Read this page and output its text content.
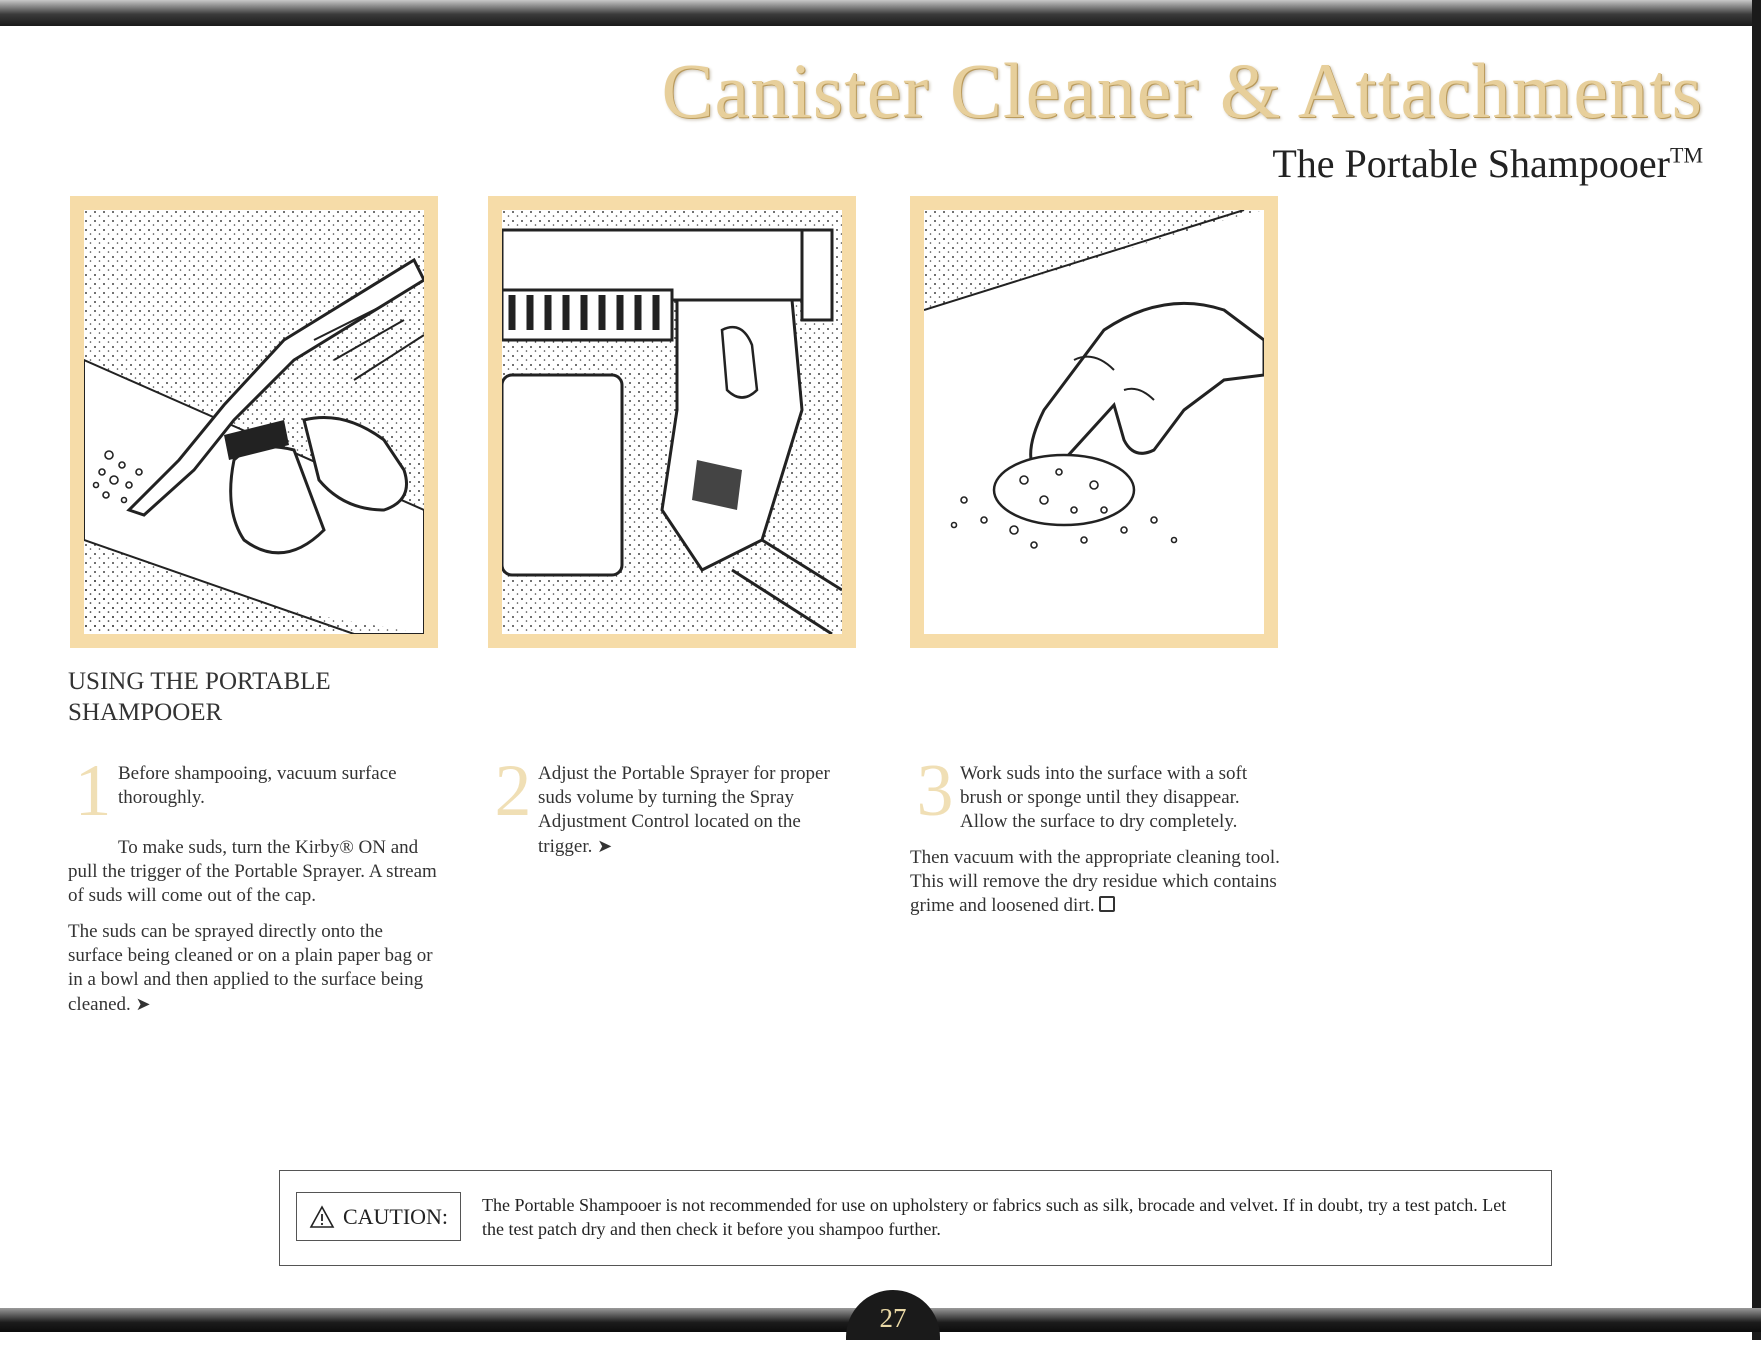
Canister Cleaner & Attachments
The Portable Shampooer™
USING THE PORTABLE SHAMPOOER
1 Before shampooing, vacuum surface thoroughly.

To make suds, turn the Kirby® ON and pull the trigger of the Portable Sprayer. A stream of suds will come out of the cap.

The suds can be sprayed directly onto the surface being cleaned or on a plain paper bag or in a bowl and then applied to the surface being cleaned. ➤

2 Adjust the Portable Sprayer for proper suds volume by turning the Spray Adjustment Control located on the trigger. ➤

3 Work suds into the surface with a soft brush or sponge until they disappear. Allow the surface to dry completely.

Then vacuum with the appropriate cleaning tool. This will remove the dry residue which contains grime and loosened dirt.

CAUTION: The Portable Shampooer is not recommended for use on upholstery or fabrics such as silk, brocade and velvet. If in doubt, try a test patch. Let the test patch dry and then check it before you shampoo further.
27
